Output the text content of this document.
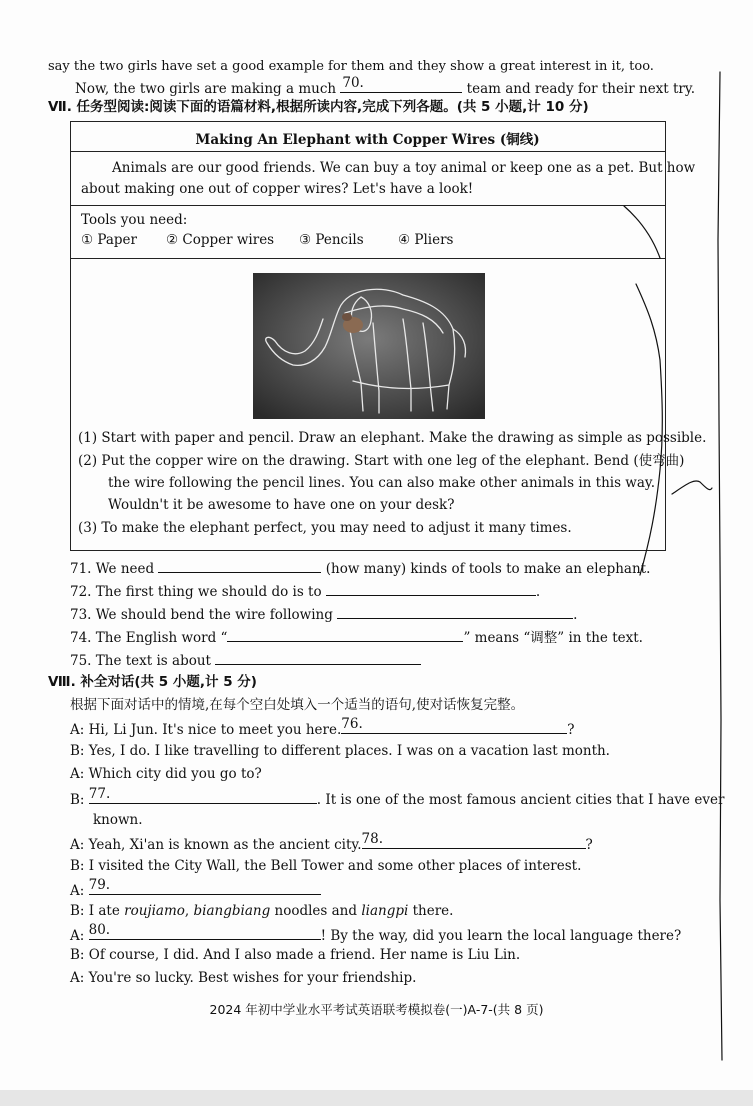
say the two girls have set a good example for them and they show a great interest in it, too.
Now, the two girls are making a much 70.	team and ready for their next try.
Ⅶ. 任务型阅读:阅读下面的语篇材料,根据所读内容,完成下列各题。(共 5 小题,计 10 分)
Making An Elephant with Copper Wires (铜线)
Animals are our good friends. We can buy a toy animal or keep one as a pet. But how
about making one out of copper wires? Let's have a look!
Tools you need:
① Paper ② Copper wires ③ Pencils	④ Pliers
(1) Start with paper and pencil. Draw an elephant. Make the drawing as simple as possible.
(2) Put the copper wire on the drawing. Start with one leg of the elephant. Bend (使弯曲)
the wire following the pencil lines. You can also make other animals in this way.
Wouldn't it be awesome to have one on your desk?
(3) To make the elephant perfect, you may need to adjust it many times.
71. We need	(how many) kinds of tools to make an elephant.
72. The first thing we should do is to	.
73. We should bend the wire following	.
74. The English word “	” means “调整” in the text.
75. The text is about
Ⅷ. 补全对话(共 5 小题,计 5 分)
根据下面对话中的情境,在每个空白处填入一个适当的语句,使对话恢复完整。
A: Hi, Li Jun. It's nice to meet you here. 76.	?
B: Yes, I do. I like travelling to different places. I was on a vacation last month.
A: Which city did you go to?
B: 77.	. It is one of the most famous ancient cities that I have ever
known.
A: Yeah, Xi'an is known as the ancient city. 78.	?
B: I visited the City Wall, the Bell Tower and some other places of interest.
A: 79.
B: I ate roujiamo, biangbiang noodles and liangpi there.
A: 80.	! By the way, did you learn the local language there?
B: Of course, I did. And I also made a friend. Her name is Liu Lin.
A: You're so lucky. Best wishes for your friendship.
2024 年初中学业水平考试英语联考模拟卷(一)A-7-(共 8 页)
